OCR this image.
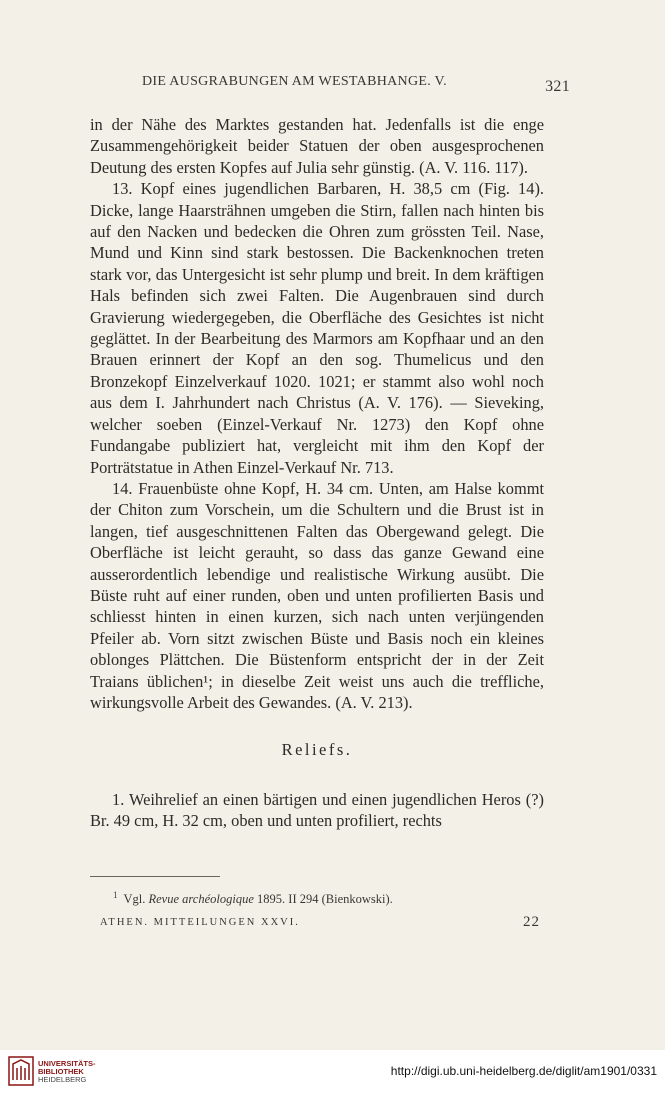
DIE AUSGRABUNGEN AM WESTABHANGE. V.	321

in der Nähe des Marktes gestanden hat. Jedenfalls ist die enge Zusammengehörigkeit beider Statuen der oben ausgesprochenen Deutung des ersten Kopfes auf Julia sehr günstig. (A. V. 116. 117).

13. Kopf eines jugendlichen Barbaren, H. 38,5 cm (Fig. 14). Dicke, lange Haarsträhnen umgeben die Stirn, fallen nach hinten bis auf den Nacken und bedecken die Ohren zum grössten Teil. Nase, Mund und Kinn sind stark bestossen. Die Backenknochen treten stark vor, das Untergesicht ist sehr plump und breit. In dem kräftigen Hals befinden sich zwei Falten. Die Augenbrauen sind durch Gravierung wiedergegeben, die Oberfläche des Gesichtes ist nicht geglättet. In der Bearbeitung des Marmors am Kopfhaar und an den Brauen erinnert der Kopf an den sog. Thumelicus und den Bronzekopf Einzelverkauf 1020. 1021; er stammt also wohl noch aus dem I. Jahrhundert nach Christus (A. V. 176). — Sieveking, welcher soeben (Einzel-Verkauf Nr. 1273) den Kopf ohne Fundangabe publiziert hat, vergleicht mit ihm den Kopf der Porträtstatue in Athen Einzel-Verkauf Nr. 713.

14. Frauenbüste ohne Kopf, H. 34 cm. Unten, am Halse kommt der Chiton zum Vorschein, um die Schultern und die Brust ist in langen, tief ausgeschnittenen Falten das Obergewand gelegt. Die Oberfläche ist leicht gerauht, so dass das ganze Gewand eine ausserordentlich lebendige und realistische Wirkung ausübt. Die Büste ruht auf einer runden, oben und unten profilierten Basis und schliesst hinten in einen kurzen, sich nach unten verjüngenden Pfeiler ab. Vorn sitzt zwischen Büste und Basis noch ein kleines oblonges Plättchen. Die Büstenform entspricht der in der Zeit Traians üblichen¹; in dieselbe Zeit weist uns auch die treffliche, wirkungsvolle Arbeit des Gewandes. (A. V. 213).

Reliefs.

1. Weihrelief an einen bärtigen und einen jugendlichen Heros (?) Br. 49 cm, H. 32 cm, oben und unten profiliert, rechts

$^1$ Vgl. Revue archéologique 1895. II 294 (Bienkowski).
ATHEN. MITTEILUNGEN XXVI.	22
UNIVERSITÄTS-
BIBLIOTHEK
HEIDELBERG
http://digi.ub.uni-heidelberg.de/diglit/am1901/0331
